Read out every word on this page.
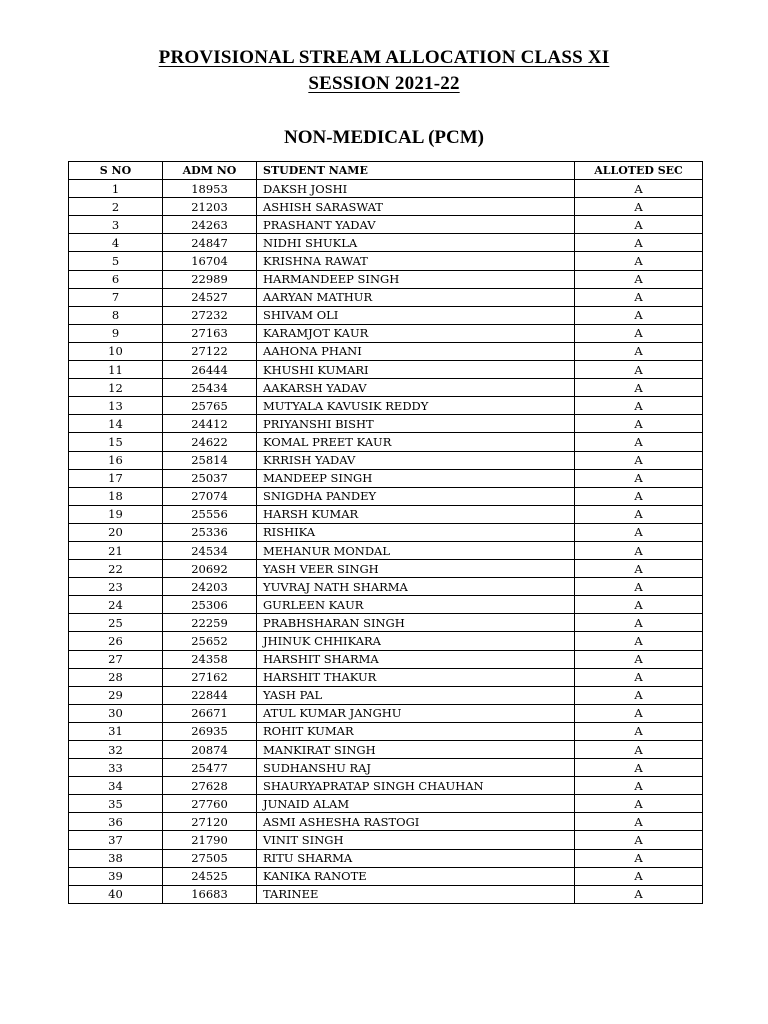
PROVISIONAL STREAM ALLOCATION CLASS XI
SESSION 2021-22
NON-MEDICAL (PCM)
S NO	ADM NO	STUDENT NAME	ALLOTED SEC
1	18953	DAKSH JOSHI	A
2	21203	ASHISH SARASWAT	A
3	24263	PRASHANT YADAV	A
4	24847	NIDHI SHUKLA	A
5	16704	KRISHNA RAWAT	A
6	22989	HARMANDEEP SINGH	A
7	24527	AARYAN MATHUR	A
8	27232	SHIVAM OLI	A
9	27163	KARAMJOT KAUR	A
10	27122	AAHONA PHANI	A
11	26444	KHUSHI KUMARI	A
12	25434	AAKARSH YADAV	A
13	25765	MUTYALA KAVUSIK REDDY	A
14	24412	PRIYANSHI BISHT	A
15	24622	KOMAL PREET KAUR	A
16	25814	KRRISH YADAV	A
17	25037	MANDEEP SINGH	A
18	27074	SNIGDHA PANDEY	A
19	25556	HARSH KUMAR	A
20	25336	RISHIKA	A
21	24534	MEHANUR MONDAL	A
22	20692	YASH VEER SINGH	A
23	24203	YUVRAJ NATH SHARMA	A
24	25306	GURLEEN KAUR	A
25	22259	PRABHSHARAN SINGH	A
26	25652	JHINUK CHHIKARA	A
27	24358	HARSHIT SHARMA	A
28	27162	HARSHIT THAKUR	A
29	22844	YASH PAL	A
30	26671	ATUL KUMAR JANGHU	A
31	26935	ROHIT KUMAR	A
32	20874	MANKIRAT SINGH	A
33	25477	SUDHANSHU RAJ	A
34	27628	SHAURYAPRATAP SINGH CHAUHAN	A
35	27760	JUNAID ALAM	A
36	27120	ASMI ASHESHA RASTOGI	A
37	21790	VINIT SINGH	A
38	27505	RITU SHARMA	A
39	24525	KANIKA RANOTE	A
40	16683	TARINEE	A
